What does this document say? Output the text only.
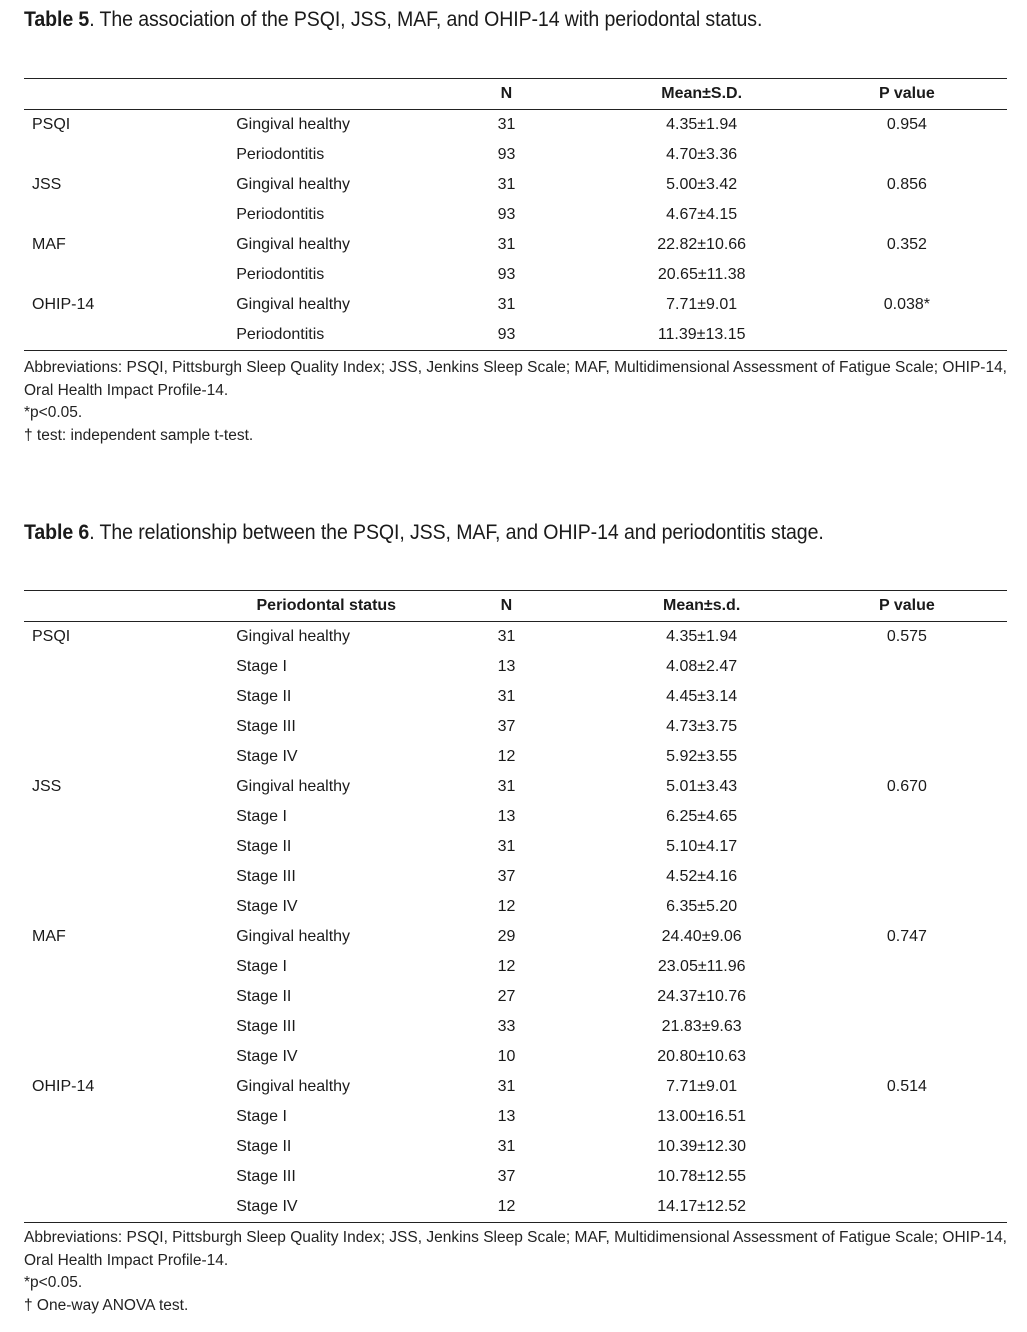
Table 5. The association of the PSQI, JSS, MAF, and OHIP-14 with periodontal status.
		N	Mean±S.D.	P value
PSQI	Gingival healthy	31	4.35±1.94	0.954
	Periodontitis	93	4.70±3.36	
JSS	Gingival healthy	31	5.00±3.42	0.856
	Periodontitis	93	4.67±4.15	
MAF	Gingival healthy	31	22.82±10.66	0.352
	Periodontitis	93	20.65±11.38	
OHIP-14	Gingival healthy	31	7.71±9.01	0.038*
	Periodontitis	93	11.39±13.15	

Abbreviations: PSQI, Pittsburgh Sleep Quality Index; JSS, Jenkins Sleep Scale; MAF, Multidimensional Assessment of Fatigue Scale; OHIP-14, Oral Health Impact Profile-14.

*p<0.05.

† test: independent sample t-test.

Table 6. The relationship between the PSQI, JSS, MAF, and OHIP-14 and periodontitis stage.
	Periodontal status	N	Mean±s.d.	P value
PSQI	Gingival healthy	31	4.35±1.94	0.575
	Stage I	13	4.08±2.47	
	Stage II	31	4.45±3.14	
	Stage III	37	4.73±3.75	
	Stage IV	12	5.92±3.55	
JSS	Gingival healthy	31	5.01±3.43	0.670
	Stage I	13	6.25±4.65	
	Stage II	31	5.10±4.17	
	Stage III	37	4.52±4.16	
	Stage IV	12	6.35±5.20	
MAF	Gingival healthy	29	24.40±9.06	0.747
	Stage I	12	23.05±11.96	
	Stage II	27	24.37±10.76	
	Stage III	33	21.83±9.63	
	Stage IV	10	20.80±10.63	
OHIP-14	Gingival healthy	31	7.71±9.01	0.514
	Stage I	13	13.00±16.51	
	Stage II	31	10.39±12.30	
	Stage III	37	10.78±12.55	
	Stage IV	12	14.17±12.52	

Abbreviations: PSQI, Pittsburgh Sleep Quality Index; JSS, Jenkins Sleep Scale; MAF, Multidimensional Assessment of Fatigue Scale; OHIP-14, Oral Health Impact Profile-14.

*p<0.05.

† One-way ANOVA test.
